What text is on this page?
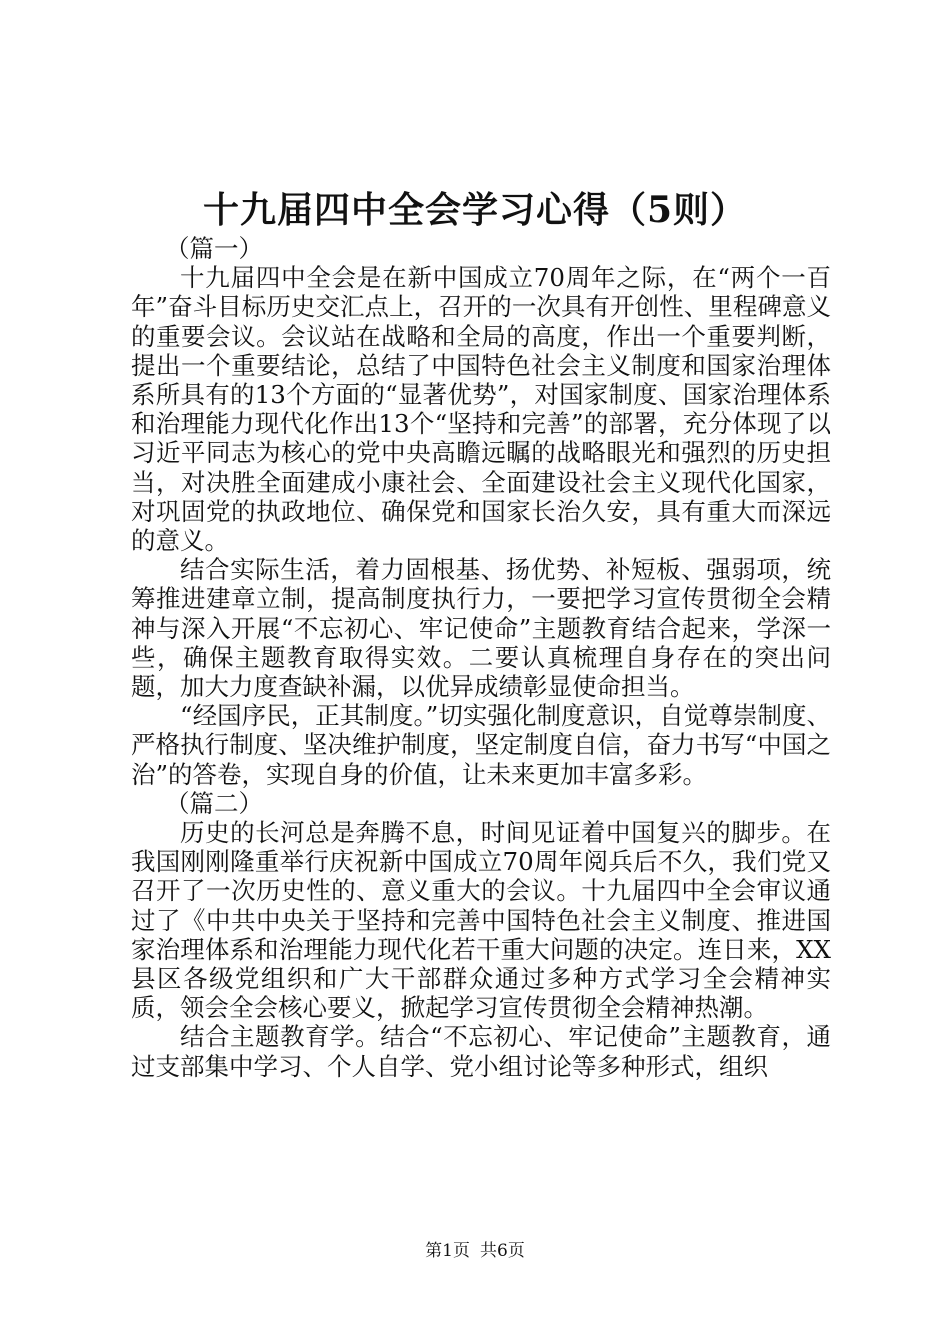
十九届四中全会学习心得（5则）

（篇一）

十九届四中全会是在新中国成立70周年之际，在“两个一百年”奋斗目标历史交汇点上，召开的一次具有开创性、里程碑意义的重要会议。会议站在战略和全局的高度，作出一个重要判断，提出一个重要结论，总结了中国特色社会主义制度和国家治理体系所具有的13个方面的“显著优势”，对国家制度、国家治理体系和治理能力现代化作出13个“坚持和完善”的部署，充分体现了以习近平同志为核心的党中央高瞻远瞩的战略眼光和强烈的历史担当，对决胜全面建成小康社会、全面建设社会主义现代化国家，对巩固党的执政地位、确保党和国家长治久安，具有重大而深远的意义。

结合实际生活，着力固根基、扬优势、补短板、强弱项，统筹推进建章立制，提高制度执行力，一要把学习宣传贯彻全会精神与深入开展“不忘初心、牢记使命”主题教育结合起来，学深一些，确保主题教育取得实效。二要认真梳理自身存在的突出问题，加大力度查缺补漏，以优异成绩彰显使命担当。

“经国序民，正其制度。”切实强化制度意识，自觉尊崇制度、严格执行制度、坚决维护制度，坚定制度自信，奋力书写“中国之治”的答卷，实现自身的价值，让未来更加丰富多彩。

（篇二）

历史的长河总是奔腾不息，时间见证着中国复兴的脚步。在我国刚刚隆重举行庆祝新中国成立70周年阅兵后不久，我们党又召开了一次历史性的、意义重大的会议。十九届四中全会审议通过了《中共中央关于坚持和完善中国特色社会主义制度、推进国家治理体系和治理能力现代化若干重大问题的决定。连日来，XX县区各级党组织和广大干部群众通过多种方式学习全会精神实质，领会全会核心要义，掀起学习宣传贯彻全会精神热潮。

结合主题教育学。结合“不忘初心、牢记使命”主题教育，通过支部集中学习、个人自学、党小组讨论等多种形式，组织

第1页 共6页
